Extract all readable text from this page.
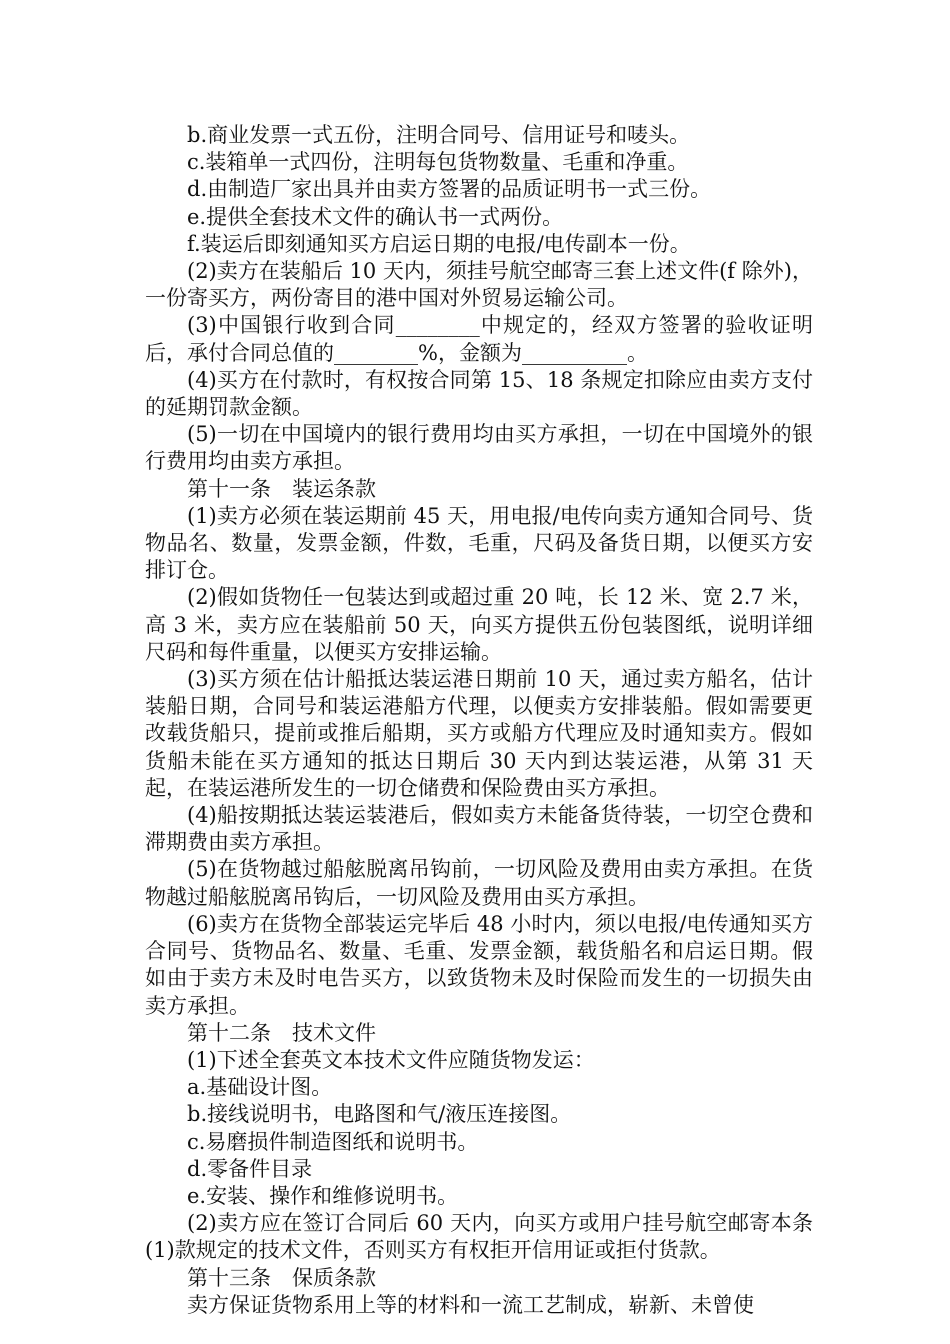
b.商业发票一式五份，注明合同号、信用证号和唛头。

c.装箱单一式四份，注明每包货物数量、毛重和净重。

d.由制造厂家出具并由卖方签署的品质证明书一式三份。

e.提供全套技术文件的确认书一式两份。

f.装运后即刻通知买方启运日期的电报/电传副本一份。

(2)卖方在装船后 10 天内，须挂号航空邮寄三套上述文件(f 除外)，一份寄买方，两份寄目的港中国对外贸易运输公司。

(3)中国银行收到合同________中规定的，经双方签署的验收证明后，承付合同总值的________%，金额为__________。

(4)买方在付款时，有权按合同第 15、18 条规定扣除应由卖方支付的延期罚款金额。

(5)一切在中国境内的银行费用均由买方承担，一切在中国境外的银行费用均由卖方承担。

第十一条　装运条款

(1)卖方必须在装运期前 45 天，用电报/电传向卖方通知合同号、货物品名、数量，发票金额，件数，毛重，尺码及备货日期，以便买方安排订仓。

(2)假如货物任一包装达到或超过重 20 吨，长 12 米、宽 2.7 米，高 3 米，卖方应在装船前 50 天，向买方提供五份包装图纸，说明详细尺码和每件重量，以便买方安排运输。

(3)买方须在估计船抵达装运港日期前 10 天，通过卖方船名，估计装船日期，合同号和装运港船方代理，以便卖方安排装船。假如需要更改载货船只，提前或推后船期，买方或船方代理应及时通知卖方。假如货船未能在买方通知的抵达日期后 30 天内到达装运港，从第 31 天起，在装运港所发生的一切仓储费和保险费由买方承担。

(4)船按期抵达装运装港后，假如卖方未能备货待装，一切空仓费和滞期费由卖方承担。

(5)在货物越过船舷脱离吊钩前，一切风险及费用由卖方承担。在货物越过船舷脱离吊钩后，一切风险及费用由买方承担。

(6)卖方在货物全部装运完毕后 48 小时内，须以电报/电传通知买方合同号、货物品名、数量、毛重、发票金额，载货船名和启运日期。假如由于卖方未及时电告买方，以致货物未及时保险而发生的一切损失由卖方承担。

第十二条　技术文件

(1)下述全套英文本技术文件应随货物发运：

a.基础设计图。

b.接线说明书，电路图和气/液压连接图。

c.易磨损件制造图纸和说明书。

d.零备件目录

e.安装、操作和维修说明书。

(2)卖方应在签订合同后 60 天内，向买方或用户挂号航空邮寄本条(1)款规定的技术文件，否则买方有权拒开信用证或拒付货款。

第十三条　保质条款

卖方保证货物系用上等的材料和一流工艺制成，崭新、未曾使
